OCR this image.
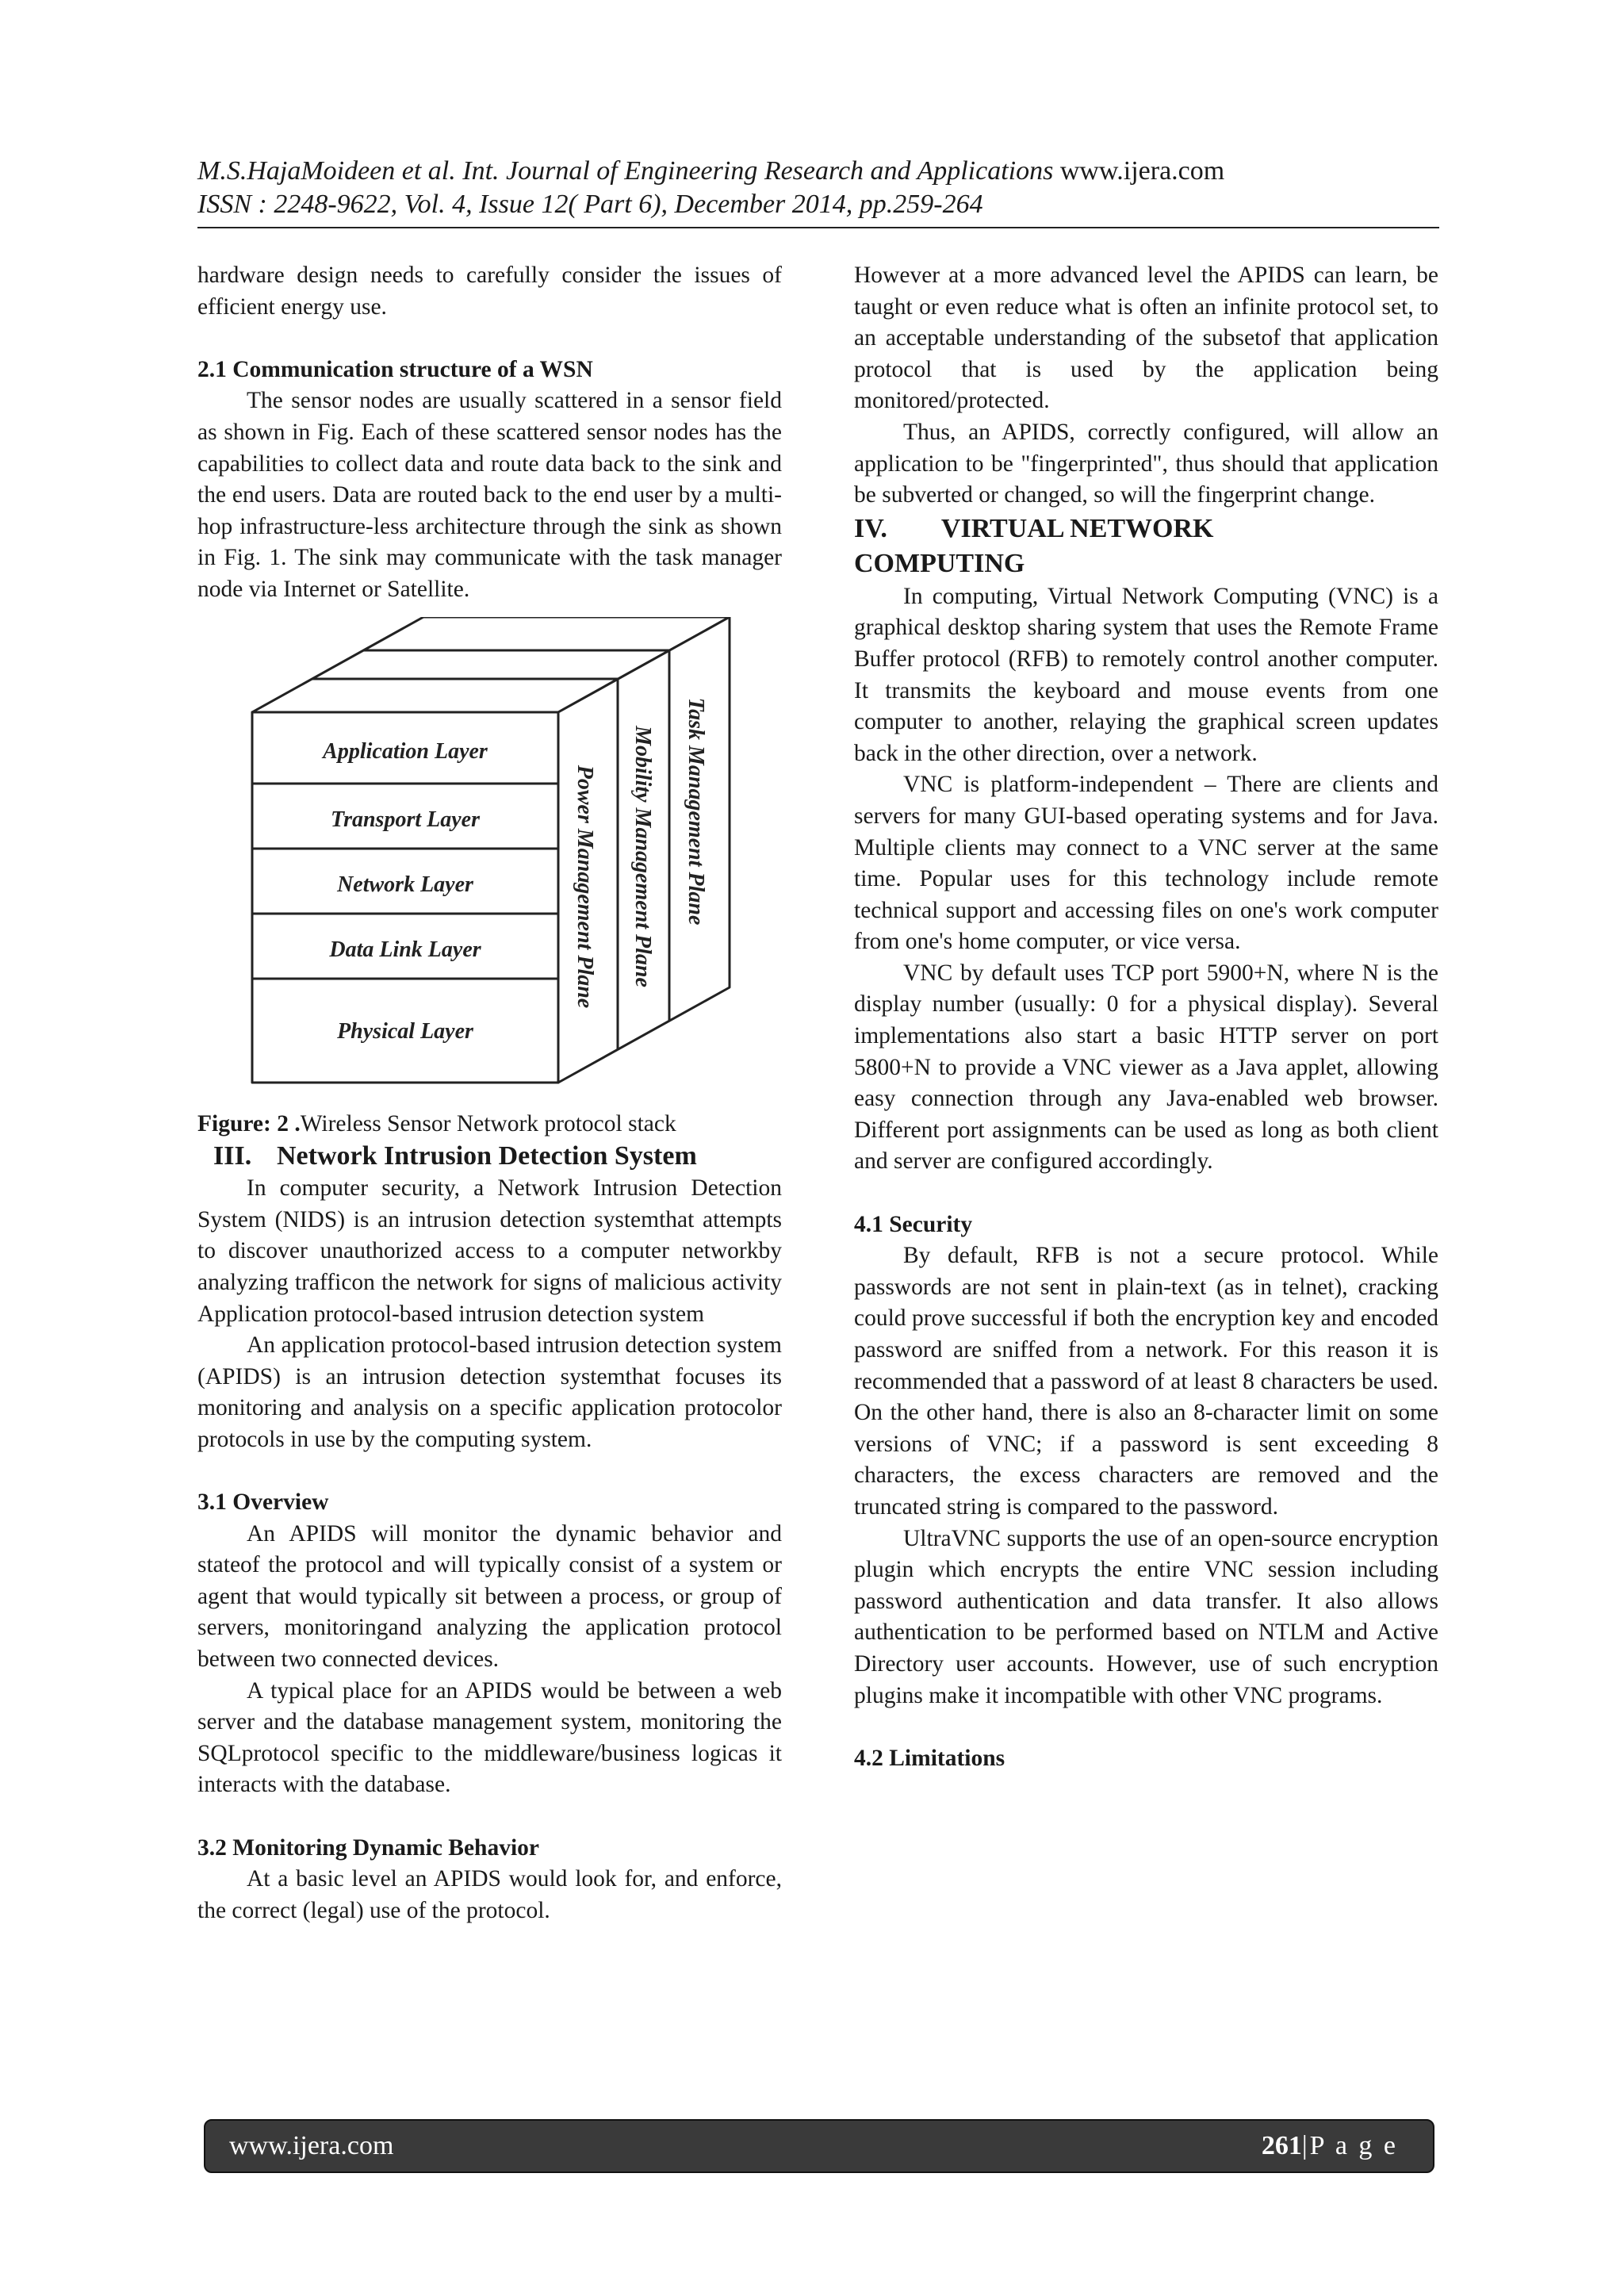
M.S.HajaMoideen et al. Int. Journal of Engineering Research and Applications www.ijera.com
ISSN : 2248-9622, Vol. 4, Issue 12( Part 6), December 2014, pp.259-264

hardware design needs to carefully consider the issues of efficient energy use.

2.1 Communication structure of a WSN

The sensor nodes are usually scattered in a sensor field as shown in Fig. Each of these scattered sensor nodes has the capabilities to collect data and route data back to the sink and the end users. Data are routed back to the end user by a multi-hop infrastructure-less architecture through the sink as shown in Fig. 1. The sink may communicate with the task manager node via Internet or Satellite.

Application Layer
Transport Layer
Network Layer
Data Link Layer
Physical Layer
Power Management Plane Mobility Management Plane Task Management Plane

Figure: 2 .Wireless Sensor Network protocol stack

III. Network Intrusion Detection System

In computer security, a Network Intrusion Detection System (NIDS) is an intrusion detection systemthat attempts to discover unauthorized access to a computer networkby analyzing trafficon the network for signs of malicious activity Application protocol-based intrusion detection system

An application protocol-based intrusion detection system (APIDS) is an intrusion detection systemthat focuses its monitoring and analysis on a specific application protocolor protocols in use by the computing system.

3.1 Overview

An APIDS will monitor the dynamic behavior and stateof the protocol and will typically consist of a system or agent that would typically sit between a process, or group of servers, monitoringand analyzing the application protocol between two connected devices.

A typical place for an APIDS would be between a web server and the database management system, monitoring the SQLprotocol specific to the middleware/business logicas it interacts with the database.

3.2 Monitoring Dynamic Behavior

At a basic level an APIDS would look for, and enforce, the correct (legal) use of the protocol.

However at a more advanced level the APIDS can learn, be taught or even reduce what is often an infinite protocol set, to an acceptable understanding of the subsetof that application protocol that is used by the application being monitored/protected.

Thus, an APIDS, correctly configured, will allow an application to be "fingerprinted", thus should that application be subverted or changed, so will the fingerprint change.

IV. VIRTUAL NETWORK
COMPUTING

In computing, Virtual Network Computing (VNC) is a graphical desktop sharing system that uses the Remote Frame Buffer protocol (RFB) to remotely control another computer. It transmits the keyboard and mouse events from one computer to another, relaying the graphical screen updates back in the other direction, over a network.

VNC is platform-independent – There are clients and servers for many GUI-based operating systems and for Java. Multiple clients may connect to a VNC server at the same time. Popular uses for this technology include remote technical support and accessing files on one's work computer from one's home computer, or vice versa.

VNC by default uses TCP port 5900+N, where N is the display number (usually: 0 for a physical display). Several implementations also start a basic HTTP server on port 5800+N to provide a VNC viewer as a Java applet, allowing easy connection through any Java-enabled web browser. Different port assignments can be used as long as both client and server are configured accordingly.

4.1 Security

By default, RFB is not a secure protocol. While passwords are not sent in plain-text (as in telnet), cracking could prove successful if both the encryption key and encoded password are sniffed from a network. For this reason it is recommended that a password of at least 8 characters be used. On the other hand, there is also an 8-character limit on some versions of VNC; if a password is sent exceeding 8 characters, the excess characters are removed and the truncated string is compared to the password.

UltraVNC supports the use of an open-source encryption plugin which encrypts the entire VNC session including password authentication and data transfer. It also allows authentication to be performed based on NTLM and Active Directory user accounts. However, use of such encryption plugins make it incompatible with other VNC programs.

4.2 Limitations

www.ijera.com	261|P a g e
